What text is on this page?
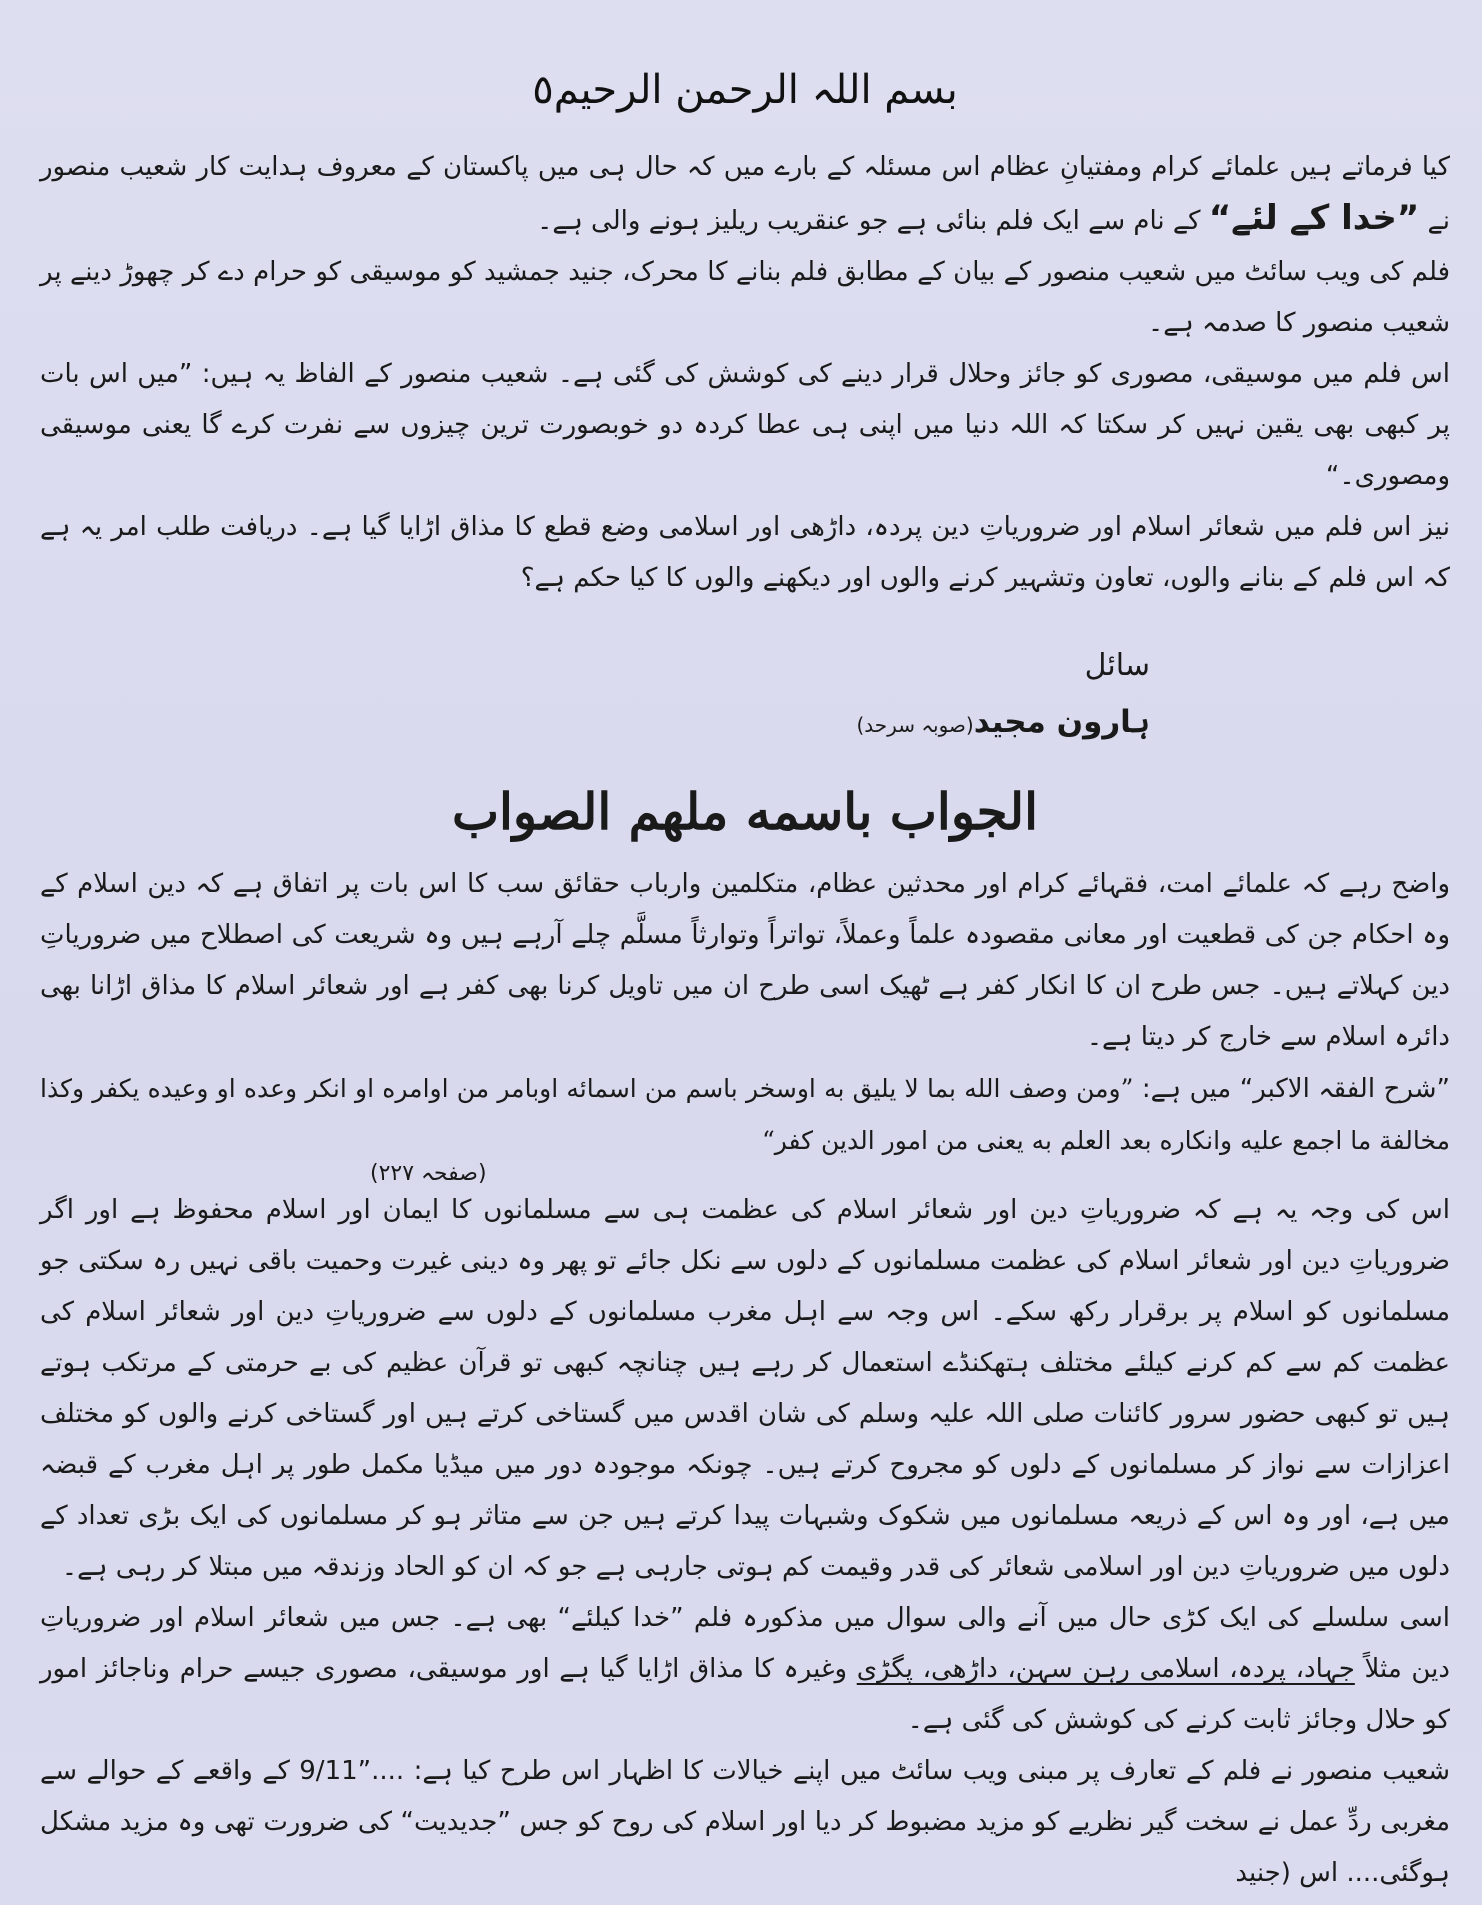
بسم اللہ الرحمن الرحیم٥

کیا فرماتے ہیں علمائے کرام ومفتیانِ عظام اس مسئلہ کے بارے میں کہ حال ہی میں پاکستان کے معروف ہدایت کار شعیب منصور نے ”خدا کے لئے“ کے نام سے ایک فلم بنائی ہے جو عنقریب ریلیز ہونے والی ہے۔

فلم کی ویب سائٹ میں شعیب منصور کے بیان کے مطابق فلم بنانے کا محرک، جنید جمشید کو موسیقی کو حرام دے کر چھوڑ دینے پر شعیب منصور کا صدمہ ہے۔

اس فلم میں موسیقی، مصوری کو جائز وحلال قرار دینے کی کوشش کی گئی ہے۔ شعیب منصور کے الفاظ یہ ہیں: ”میں اس بات پر کبھی بھی یقین نہیں کر سکتا کہ اللہ دنیا میں اپنی ہی عطا کردہ دو خوبصورت ترین چیزوں سے نفرت کرے گا یعنی موسیقی ومصوری۔“

نیز اس فلم میں شعائر اسلام اور ضروریاتِ دین پردہ، داڑھی اور اسلامی وضع قطع کا مذاق اڑایا گیا ہے۔ دریافت طلب امر یہ ہے کہ اس فلم کے بنانے والوں، تعاون وتشہیر کرنے والوں اور دیکھنے والوں کا کیا حکم ہے؟

سائل
ہارون مجید(صوبہ سرحد)
الجواب باسمه ملهم الصواب

واضح رہے کہ علمائے امت، فقہائے کرام اور محدثین عظام، متکلمین وارباب حقائق سب کا اس بات پر اتفاق ہے کہ دین اسلام کے وہ احکام جن کی قطعیت اور معانی مقصودہ علماً وعملاً، تواتراً وتوارثاً مسلَّم چلے آرہے ہیں وہ شریعت کی اصطلاح میں ضروریاتِ دین کہلاتے ہیں۔ جس طرح ان کا انکار کفر ہے ٹھیک اسی طرح ان میں تاویل کرنا بھی کفر ہے اور شعائر اسلام کا مذاق اڑانا بھی دائرہ اسلام سے خارج کر دیتا ہے۔

”شرح الفقہ الاکبر“ میں ہے: ”ومن وصف الله بما لا يليق به اوسخر باسم من اسمائه اوبامر من اوامره او انكر وعده او وعيده يكفر وكذا مخالفة ما اجمع عليه وانكاره بعد العلم به يعنى من امور الدين كفر“

(صفحہ ۲۲۷)

اس کی وجہ یہ ہے کہ ضروریاتِ دین اور شعائر اسلام کی عظمت ہی سے مسلمانوں کا ایمان اور اسلام محفوظ ہے اور اگر ضروریاتِ دین اور شعائر اسلام کی عظمت مسلمانوں کے دلوں سے نکل جائے تو پھر وہ دینی غیرت وحمیت باقی نہیں رہ سکتی جو مسلمانوں کو اسلام پر برقرار رکھ سکے۔ اس وجہ سے اہل مغرب مسلمانوں کے دلوں سے ضروریاتِ دین اور شعائر اسلام کی عظمت کم سے کم کرنے کیلئے مختلف ہتھکنڈے استعمال کر رہے ہیں چنانچہ کبھی تو قرآن عظیم کی بے حرمتی کے مرتکب ہوتے ہیں تو کبھی حضور سرور کائنات صلی اللہ علیہ وسلم کی شان اقدس میں گستاخی کرتے ہیں اور گستاخی کرنے والوں کو مختلف اعزازات سے نواز کر مسلمانوں کے دلوں کو مجروح کرتے ہیں۔ چونکہ موجودہ دور میں میڈیا مکمل طور پر اہل مغرب کے قبضہ میں ہے، اور وہ اس کے ذریعہ مسلمانوں میں شکوک وشبہات پیدا کرتے ہیں جن سے متاثر ہو کر مسلمانوں کی ایک بڑی تعداد کے دلوں میں ضروریاتِ دین اور اسلامی شعائر کی قدر وقیمت کم ہوتی جارہی ہے جو کہ ان کو الحاد وزندقہ میں مبتلا کر رہی ہے۔

اسی سلسلے کی ایک کڑی حال میں آنے والی سوال میں مذکورہ فلم ”خدا کیلئے“ بھی ہے۔ جس میں شعائر اسلام اور ضروریاتِ دین مثلاً جہاد، پردہ، اسلامی رہن سہن، داڑھی، پگڑی وغیرہ کا مذاق اڑایا گیا ہے اور موسیقی، مصوری جیسے حرام وناجائز امور کو حلال وجائز ثابت کرنے کی کوشش کی گئی ہے۔

شعیب منصور نے فلم کے تعارف پر مبنی ویب سائٹ میں اپنے خیالات کا اظہار اس طرح کیا ہے: ....”9/11 کے واقعے کے حوالے سے مغربی ردِّ عمل نے سخت گیر نظریے کو مزید مضبوط کر دیا اور اسلام کی روح کو جس ”جدیدیت“ کی ضرورت تھی وہ مزید مشکل ہوگئی.... اس (جنید
